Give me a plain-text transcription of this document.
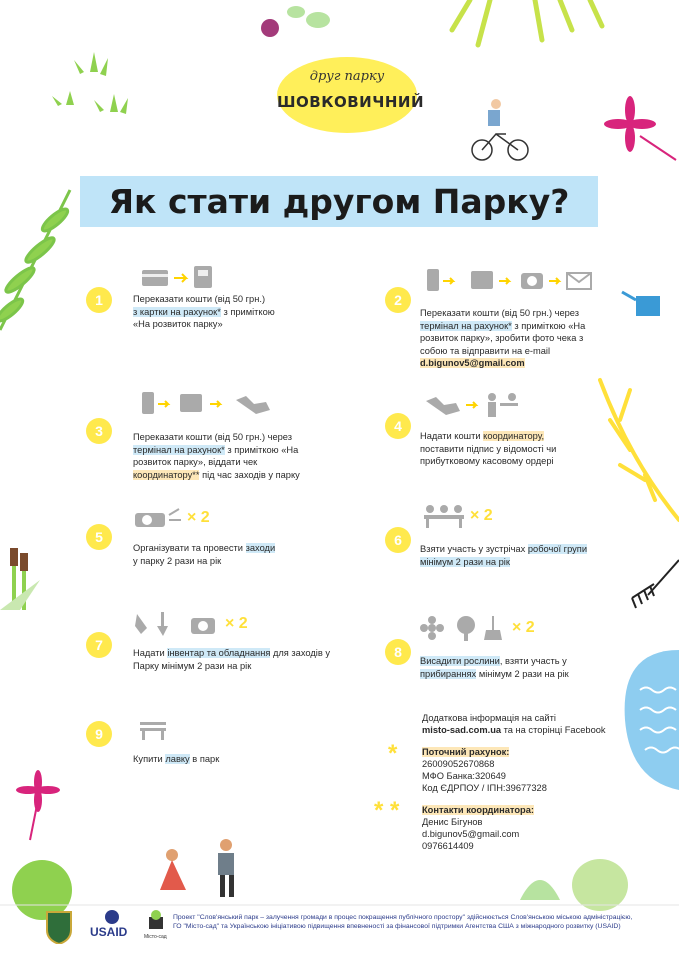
друг парку
ШОВКОВИЧНИЙ
Як стати другом Парку?
1	Переказати кошти (від 50 грн.)
з картки на рахунок* з приміткою
«На розвиток парку»
2
Переказати кошти (від 50 грн.) через термінал на рахунок* з приміткою «На розвиток парку», зробити фото чека з собою та відправити на e-mail d.bigunov5@gmail.com
3	Переказати кошти (від 50 грн.) через термінал на рахунок* з приміткою «На розвиток парку», віддати чек координатору** під час заходів у парку
4
Надати кошти координатору, поставити підпис у відомості чи прибутковому касовому ордері
5
× 2
Організувати та провести заходи
у парку 2 рази на рік
6
× 2
Взяти участь у зустрічах робочої групи
мінімум 2 рази на рік
7
× 2
Надати інвентар та обладнання для заходів у Парку мінімум 2 рази на рік
8
× 2
Висадити рослини, взяти участь у
прибираннях мінімум 2 рази на рік
9
Купити лавку в парк
Додаткова інформація на сайті
misto-sad.com.ua та на сторінці Facebook
*	Поточний рахунок:
26009052670868
МФО Банка:320649
Код ЄДРПОУ / ІПН:39677328
* * Контакти координатора:
Денис Бігунов
d.bigunov5@gmail.com
0976614409
USAID	Місто-сад
Проект "Слов'янський парк – залучення громади в процес покращення публічного простору" здійснюється Слов'янською міською адміністрацією, ГО "Місто-сад" та Українською ініціативою підвищення впевненості за фінансової підтримки Агентства США з міжнародного розвитку (USAID)
